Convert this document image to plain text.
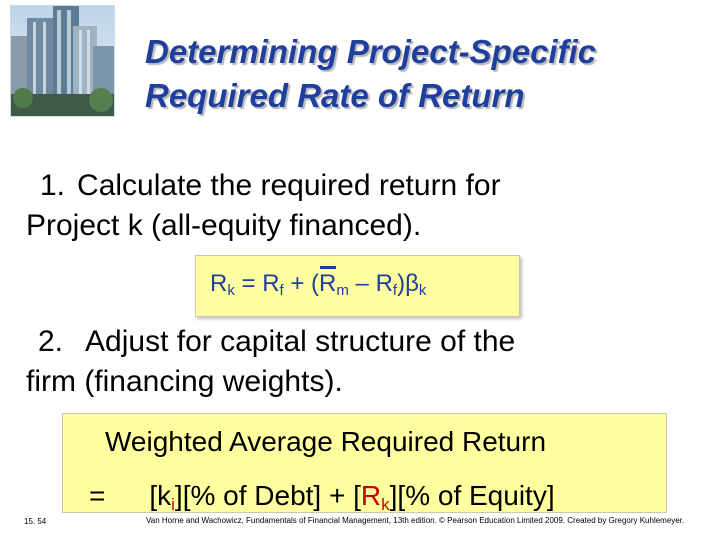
Determining Project-Specific
Required Rate of Return
1. Calculate the required return for
Project k (all-equity financed).
Rk = Rf + (
Rm – Rf)βk
2. Adjust for capital structure of the
firm (financing weights).
Weighted Average Required Return
= [ki][% of Debt] + [Rk][% of Equity]
15. 54	Van Horne and Wachowicz, Fundamentals of Financial Management, 13th edition. © Pearson Education Limited 2009. Created by Gregory Kuhlemeyer.
